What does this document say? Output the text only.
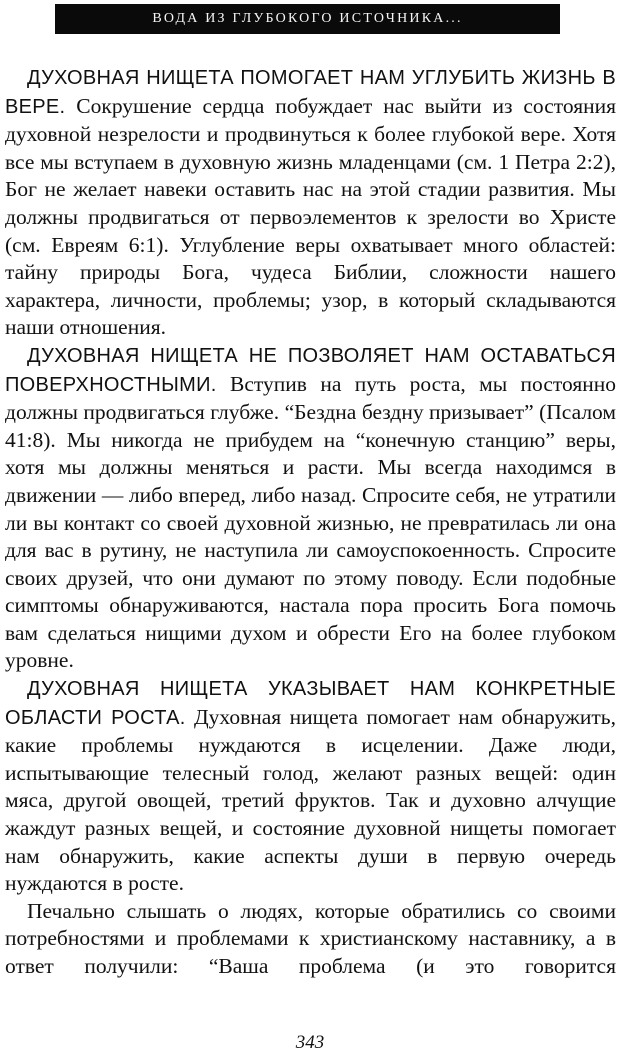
ВОДА ИЗ ГЛУБОКОГО ИСТОЧНИКА...

ДУХОВНАЯ НИЩЕТА ПОМОГАЕТ НАМ УГЛУБИТЬ ЖИЗНЬ В ВЕРЕ. Сокрушение сердца побуждает нас выйти из состояния духовной незрелости и продвинуться к более глубокой вере. Хотя все мы вступаем в духовную жизнь младенцами (см. 1 Петра 2:2), Бог не желает навеки оставить нас на этой стадии развития. Мы должны продвигаться от первоэлементов к зрелости во Христе (см. Евреям 6:1). Углубление веры охватывает много областей: тайну природы Бога, чудеса Библии, сложности нашего характера, личности, проблемы; узор, в который складываются наши отношения.

ДУХОВНАЯ НИЩЕТА НЕ ПОЗВОЛЯЕТ НАМ ОСТАВАТЬСЯ ПОВЕРХНОСТНЫМИ. Вступив на путь роста, мы постоянно должны продвигаться глубже. “Бездна бездну призывает” (Псалом 41:8). Мы никогда не прибудем на “конечную станцию” веры, хотя мы должны меняться и расти. Мы всегда находимся в движении — либо вперед, либо назад. Спросите себя, не утратили ли вы контакт со своей духовной жизнью, не превратилась ли она для вас в рутину, не наступила ли самоуспокоенность. Спросите своих друзей, что они думают по этому поводу. Если подобные симптомы обнаруживаются, настала пора просить Бога помочь вам сделаться нищими духом и обрести Его на более глубоком уровне.

ДУХОВНАЯ НИЩЕТА УКАЗЫВАЕТ НАМ КОНКРЕТНЫЕ ОБЛАСТИ РОСТА. Духовная нищета помогает нам обнаружить, какие проблемы нуждаются в исцелении. Даже люди, испытывающие телесный голод, желают разных вещей: один мяса, другой овощей, третий фруктов. Так и духовно алчущие жаждут разных вещей, и состояние духовной нищеты помогает нам обнаружить, какие аспекты души в первую очередь нуждаются в росте.

Печально слышать о людях, которые обратились со своими потребностями и проблемами к христианскому наставнику, а в ответ получили: “Ваша проблема (и это говорится

343
